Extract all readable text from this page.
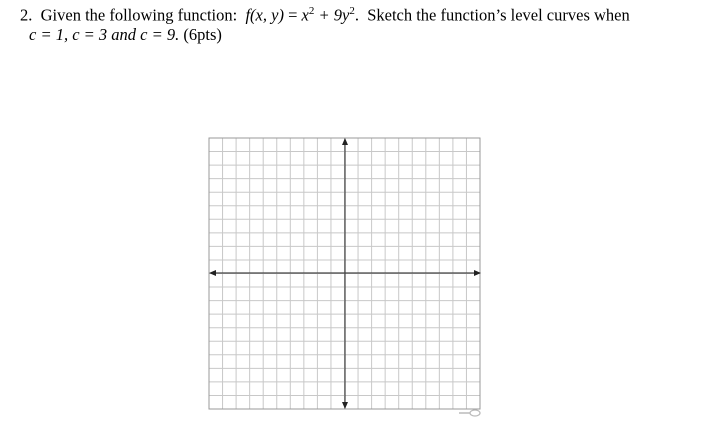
2. Given the following function: f(x, $y) = x^2 + 9y^2$. Sketch the function’s level curves when
c = 1, c = 3 and c = 9. (6pts)
